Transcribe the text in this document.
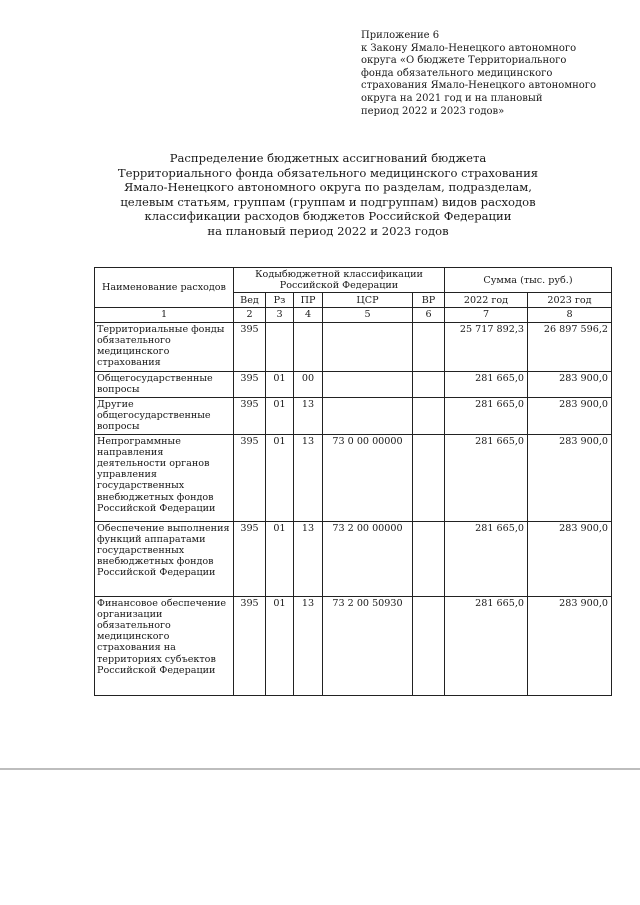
Приложение 6
к Закону Ямало-Ненецкого автономного
округа «О бюджете Территориального
фонда обязательного медицинского
страхования Ямало-Ненецкого автономного
округа на 2021 год и на плановый
период 2022 и 2023 годов»
Распределение бюджетных ассигнований бюджета
Территориального фонда обязательного медицинского страхования
Ямало-Ненецкого автономного округа по разделам, подразделам,
целевым статьям, группам (группам и подгруппам) видов расходов
классификации расходов бюджетов Российской Федерации
на плановый период 2022 и 2023 годов
Наименование расходов	Кодыбюджетной классификации Российской Федерации					Сумма (тыс. руб.)	
	Вед	Рз	ПР	ЦСР	ВР	2022 год	2023 год
1	2	3	4	5	6	7	8
Территориальные фонды обязательного медицинского страхования	395					25 717 892,3	26 897 596,2
Общегосударственные вопросы	395	01	00			281 665,0	283 900,0
Другие общегосударственные вопросы	395	01	13			281 665,0	283 900,0
Непрограммные направления деятельности органов управления государственных внебюджетных фондов Российской Федерации	395	01	13	73 0 00 00000		281 665,0	283 900,0
Обеспечение выполнения функций аппаратами государственных внебюджетных фондов Российской Федерации	395	01	13	73 2 00 00000		281 665,0	283 900,0
Финансовое обеспечение организации обязательного медицинского страхования на территориях субъектов Российской Федерации	395	01	13	73 2 00 50930		281 665,0	283 900,0
